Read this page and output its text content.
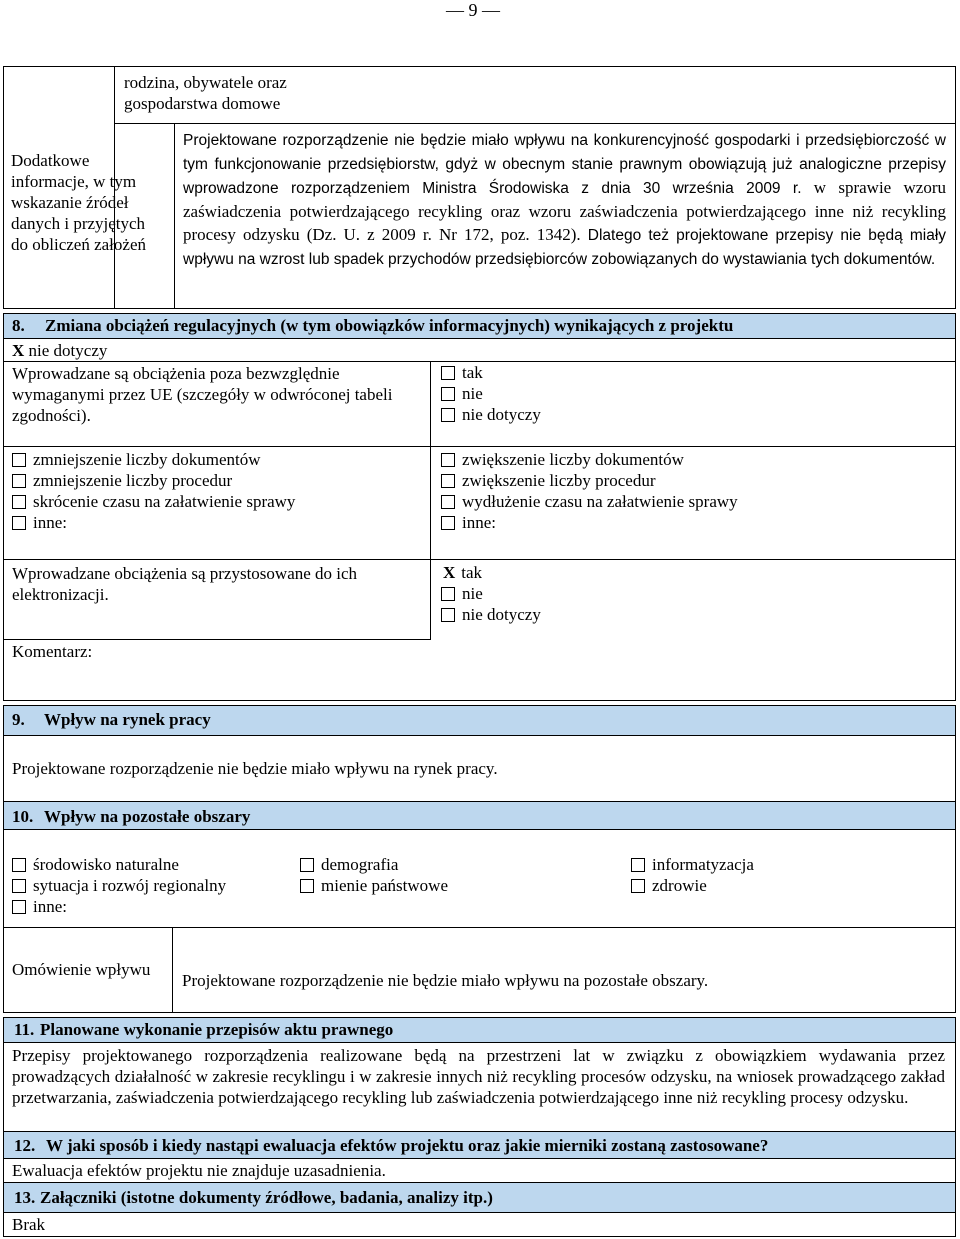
— 9 —
rodzina, obywatele oraz gospodarstwa domowe
Dodatkowe informacje, w tym wskazanie źródeł danych i przyjętych do obliczeń założeń
Projektowane rozporządzenie nie będzie miało wpływu na konkurencyjność gospodarki i przedsiębiorczość w tym funkcjonowanie przedsiębiorstw, gdyż w obecnym stanie prawnym obowiązują już analogiczne przepisy wprowadzone rozporządzeniem Ministra Środowiska z dnia 30 września 2009 r. w sprawie wzoru zaświadczenia potwierdzającego recykling oraz wzoru zaświadczenia potwierdzającego inne niż recykling procesy odzysku (Dz. U. z 2009 r. Nr 172, poz. 1342). Dlatego też projektowane przepisy nie będą miały wpływu na wzrost lub spadek przychodów przedsiębiorców zobowiązanych do wystawiania tych dokumentów.
8. Zmiana obciążeń regulacyjnych (w tym obowiązków informacyjnych) wynikających z projektu
X nie dotyczy
Wprowadzane są obciążenia poza bezwzględnie wymaganymi przez UE (szczegóły w odwróconej tabeli zgodności).
tak
nie
nie dotyczy
zmniejszenie liczby dokumentów
zmniejszenie liczby procedur
skrócenie czasu na załatwienie sprawy
inne:
zwiększenie liczby dokumentów
zwiększenie liczby procedur
wydłużenie czasu na załatwienie sprawy
inne:
Wprowadzane obciążenia są przystosowane do ich elektronizacji.
X tak
nie
nie dotyczy
Komentarz:
9. Wpływ na rynek pracy
Projektowane rozporządzenie nie będzie miało wpływu na rynek pracy.
10. Wpływ na pozostałe obszary
środowisko naturalne
sytuacja i rozwój regionalny
inne:
demografia
mienie państwowe
informatyzacja
zdrowie
Omówienie wpływu
Projektowane rozporządzenie nie będzie miało wpływu na pozostałe obszary.
11. Planowane wykonanie przepisów aktu prawnego
Przepisy projektowanego rozporządzenia realizowane będą na przestrzeni lat w związku z obowiązkiem wydawania przez prowadzących działalność w zakresie recyklingu i w zakresie innych niż recykling procesów odzysku, na wniosek prowadzącego zakład przetwarzania, zaświadczenia potwierdzającego recykling lub zaświadczenia potwierdzającego inne niż recykling procesy odzysku.
12. W jaki sposób i kiedy nastąpi ewaluacja efektów projektu oraz jakie mierniki zostaną zastosowane?
Ewaluacja efektów projektu nie znajduje uzasadnienia.
13. Załączniki (istotne dokumenty źródłowe, badania, analizy itp.)
Brak
